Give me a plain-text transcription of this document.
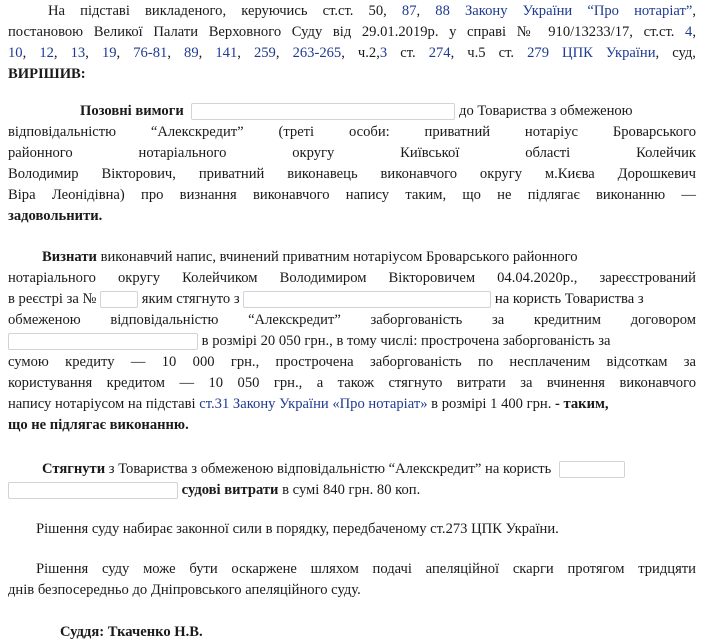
На підставі викладеного, керуючись ст.ст. 50, 87, 88 Закону України “Про нотаріат”,
постановою Великої Палати Верховного Суду від 29.01.2019р. у справі № 910/13233/17, ст.ст. 4,
10, 12, 13, 19, 76-81, 89, 141, 259, 263-265, ч.2,3 ст. 274, ч.5 ст. 279 ЦПК України, суд,
ВИРІШИВ:
Позовні вимоги	до Товариства з обмеженою
відповідальністю “Алекскредит” (треті особи: приватний нотаріус Броварського
районного нотаріального округу Київської області Колейчик
Володимир Вікторович, приватний виконавець виконавчого округу м.Києва Дорошкевич
Віра Леонідівна) про визнання виконавчого напису таким, що не підлягає виконанню —
задовольнити.
Визнати виконавчий напис, вчинений приватним нотаріусом Броварського районного
нотаріального округу Колейчиком Володимиром Вікторовичем 04.04.2020р., зареєстрований
в реєстрі за №	яким стягнуто з	на користь Товариства з
обмеженою відповідальністю “Алекскредит” заборгованість за кредитним договором
в розмірі 20 050 грн., в тому числі: прострочена заборгованість за
сумою кредиту — 10 000 грн., прострочена заборгованість по несплаченим відсоткам за
користування кредитом — 10 050 грн., а також стягнуто витрати за вчинення виконавчого
напису нотаріусом на підставі ст.31 Закону України «Про нотаріат» в розмірі 1 400 грн. - таким,
що не підлягає виконанню.
Стягнути з Товариства з обмеженою відповідальністю “Алекскредит” на користь
судові витрати в сумі 840 грн. 80 коп.
Рішення суду набирає законної сили в порядку, передбаченому ст.273 ЦПК України.
Рішення суду може бути оскаржене шляхом подачі апеляційної скарги протягом тридцяти
днів безпосередньо до Дніпровського апеляційного суду.
Суддя: Ткаченко Н.В.
